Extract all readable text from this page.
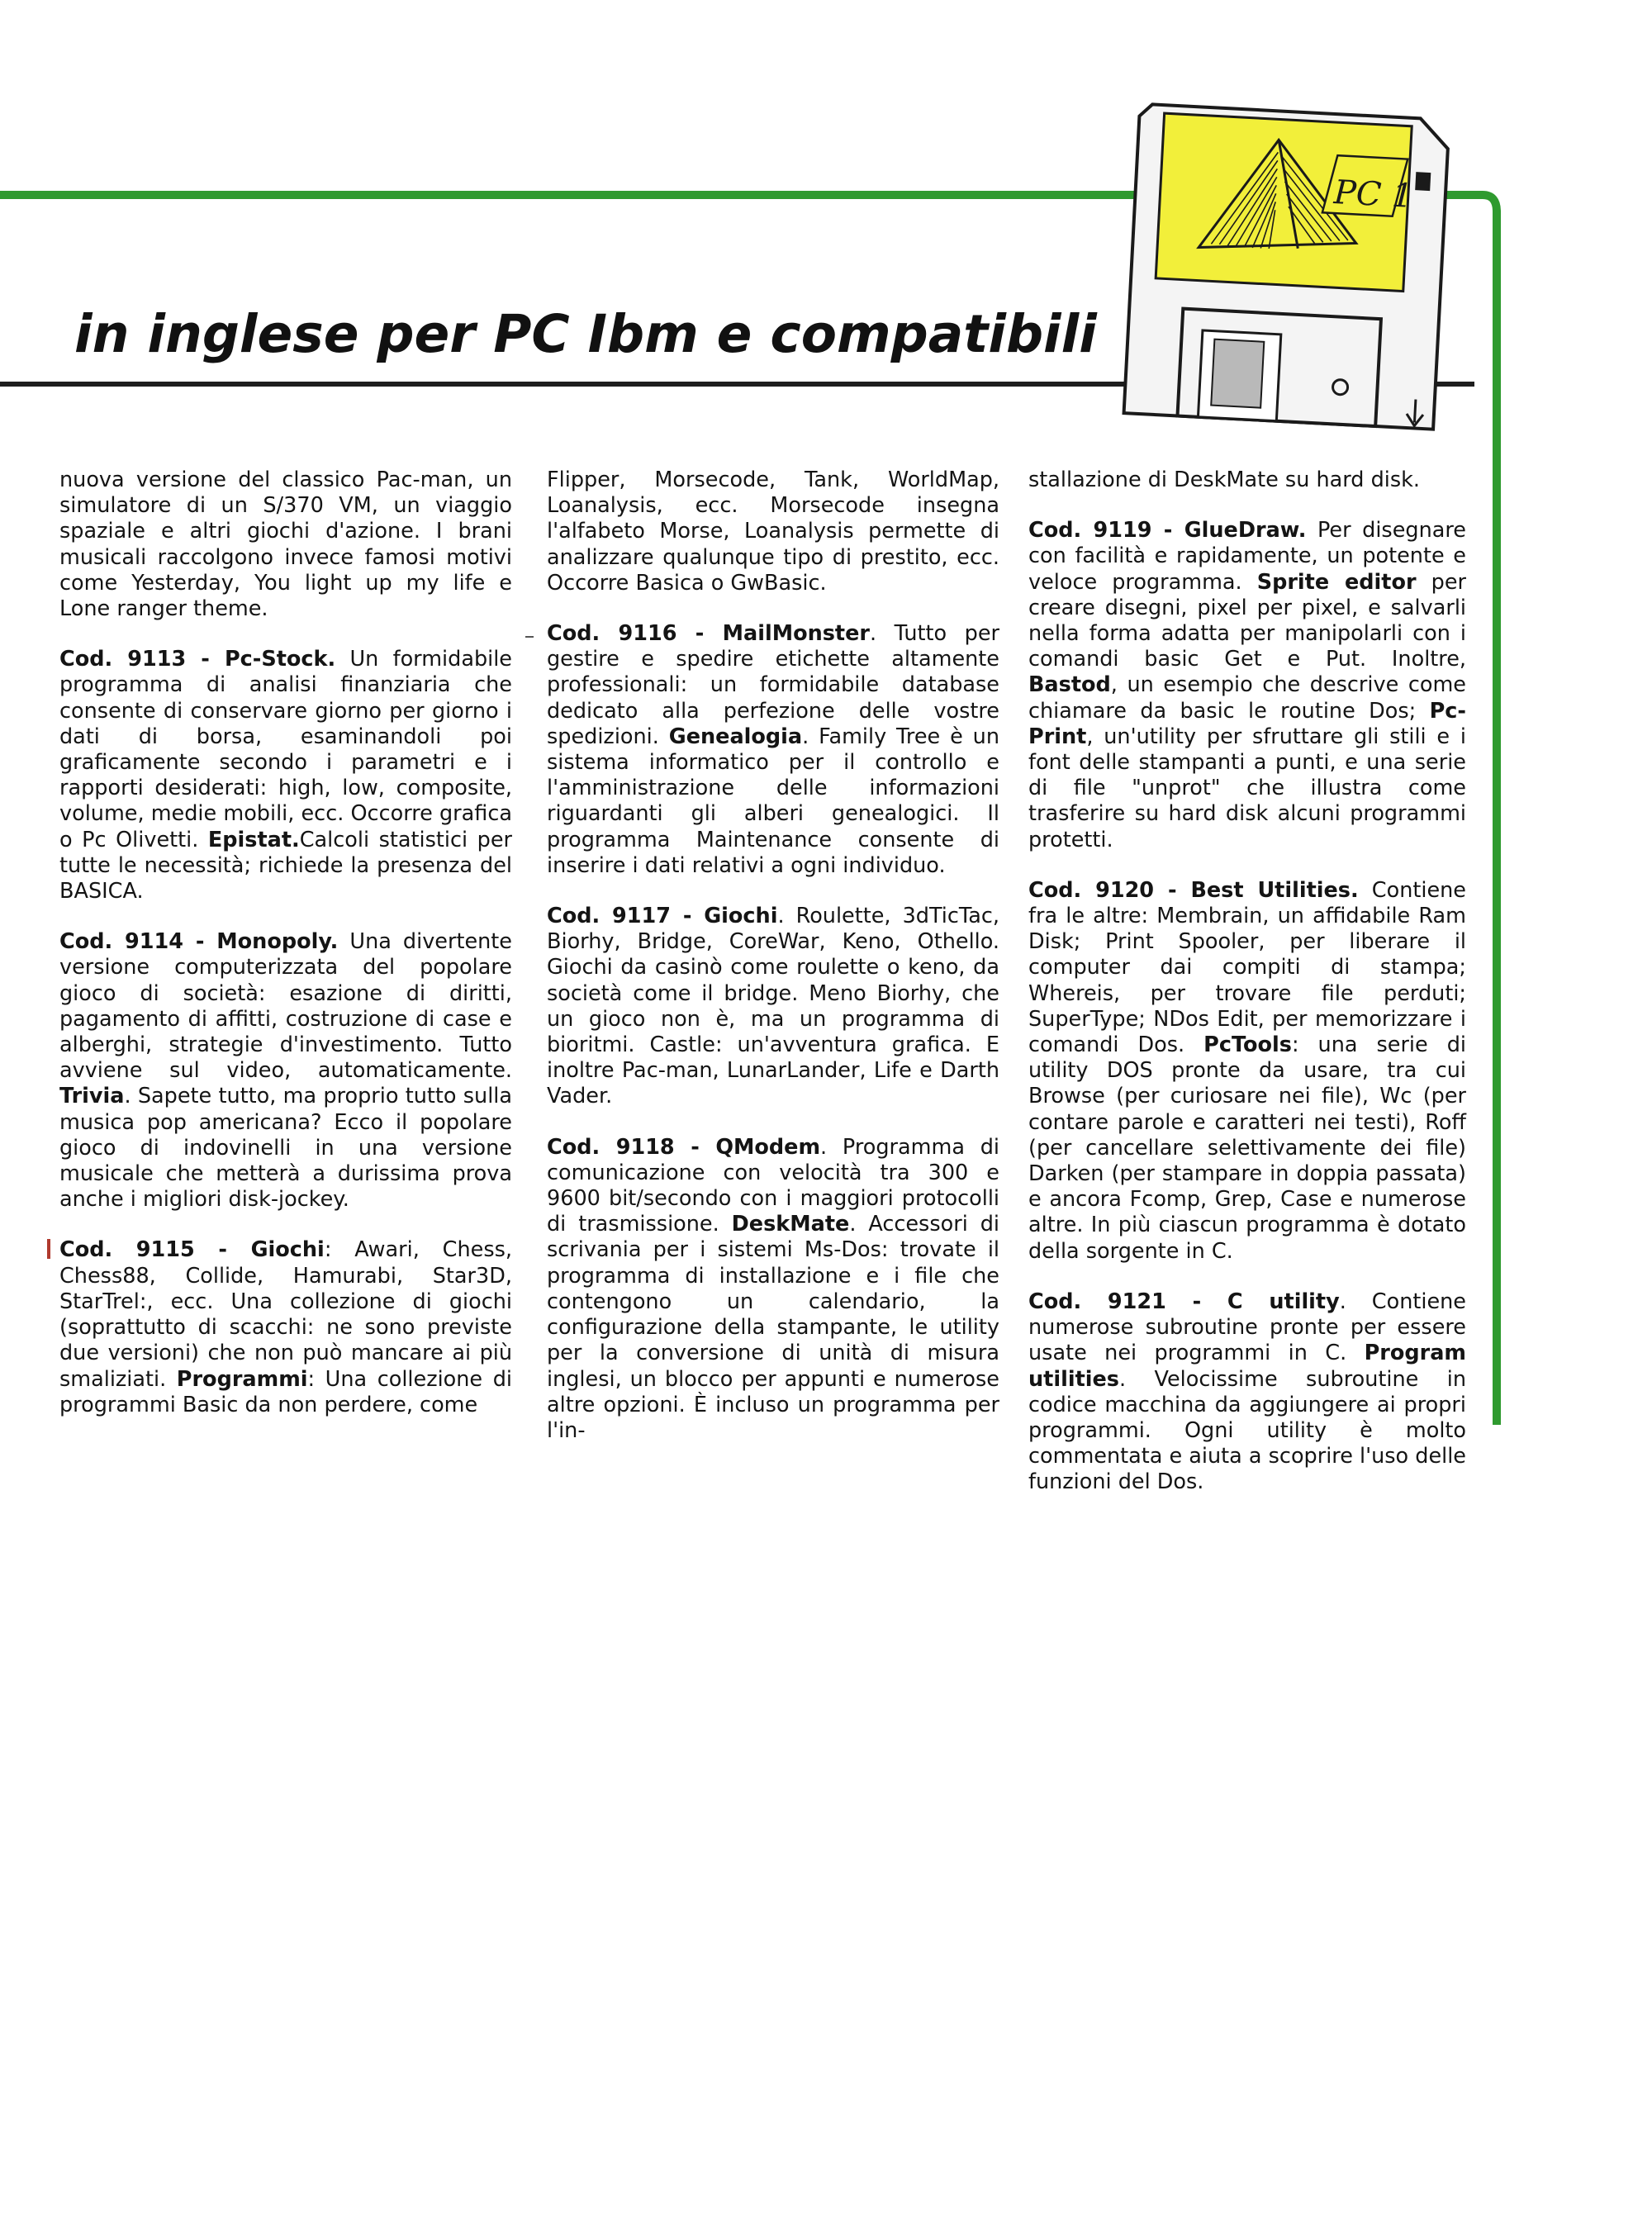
in inglese per PC Ibm e compatibili
PC 1

nuova versione del classico Pac-man, un simulatore di un S/370 VM, un viaggio spaziale e altri giochi d'azione. I brani musicali raccolgono invece famosi motivi come Yesterday, You light up my life e Lone ranger theme.

Cod. 9113 - Pc-Stock. Un formidabile programma di analisi finanziaria che consente di conservare giorno per giorno i dati di borsa, esaminandoli poi graficamente secondo i parametri e i rapporti desiderati: high, low, composite, volume, medie mobili, ecc. Occorre grafica o Pc Olivetti. Epistat.Calcoli statistici per tutte le necessità; richiede la presenza del BASICA.

Cod. 9114 - Monopoly. Una divertente versione computerizzata del popolare gioco di società: esazione di diritti, pagamento di affitti, costruzione di case e alberghi, strategie d'investimento. Tutto avviene sul video, automaticamente. Trivia. Sapete tutto, ma proprio tutto sulla musica pop americana? Ecco il popolare gioco di indovinelli in una versione musicale che metterà a durissima prova anche i migliori disk-jockey.

Cod. 9115 - Giochi: Awari, Chess, Chess88, Collide, Hamurabi, Star3D, StarTrel:, ecc. Una collezione di giochi (soprattutto di scacchi: ne sono previste due versioni) che non può mancare ai più smaliziati. Programmi: Una collezione di programmi Basic da non perdere, come

Flipper, Morsecode, Tank, WorldMap, Loanalysis, ecc. Morsecode insegna l'alfabeto Morse, Loanalysis permette di analizzare qualunque tipo di prestito, ecc. Occorre Basica o GwBasic.

Cod. 9116 - MailMonster. Tutto per gestire e spedire etichette altamente professionali: un formidabile database dedicato alla perfezione delle vostre spedizioni. Genealogia. Family Tree è un sistema informatico per il controllo e l'amministrazione delle informazioni riguardanti gli alberi genealogici. Il programma Maintenance consente di inserire i dati relativi a ogni individuo.

Cod. 9117 - Giochi. Roulette, 3dTicTac, Biorhy, Bridge, CoreWar, Keno, Othello. Giochi da casinò come roulette o keno, da società come il bridge. Meno Biorhy, che un gioco non è, ma un programma di bioritmi. Castle: un'avventura grafica. E inoltre Pac-man, LunarLander, Life e Darth Vader.

Cod. 9118 - QModem. Programma di comunicazione con velocità tra 300 e 9600 bit/secondo con i maggiori protocolli di trasmissione. DeskMate. Accessori di scrivania per i sistemi Ms-Dos: trovate il programma di installazione e i file che contengono un calendario, la configurazione della stampante, le utility per la conversione di unità di misura inglesi, un blocco per appunti e numerose altre opzioni. È incluso un programma per l'in-

stallazione di DeskMate su hard disk.

Cod. 9119 - GlueDraw. Per disegnare con facilità e rapidamente, un potente e veloce programma. Sprite editor per creare disegni, pixel per pixel, e salvarli nella forma adatta per manipolarli con i comandi basic Get e Put. Inoltre, Bastod, un esempio che descrive come chiamare da basic le routine Dos; Pc-Print, un'utility per sfruttare gli stili e i font delle stampanti a punti, e una serie di file "unprot" che illustra come trasferire su hard disk alcuni programmi protetti.

Cod. 9120 - Best Utilities. Contiene fra le altre: Membrain, un affidabile Ram Disk; Print Spooler, per liberare il computer dai compiti di stampa; Whereis, per trovare file perduti; SuperType; NDos Edit, per memorizzare i comandi Dos. PcTools: una serie di utility DOS pronte da usare, tra cui Browse (per curiosare nei file), Wc (per contare parole e caratteri nei testi), Roff (per cancellare selettivamente dei file) Darken (per stampare in doppia passata) e ancora Fcomp, Grep, Case e numerose altre. In più ciascun programma è dotato della sorgente in C.

Cod. 9121 - C utility. Contiene numerose subroutine pronte per essere usate nei programmi in C. Program utilities. Velocissime subroutine in codice macchina da aggiungere ai propri programmi. Ogni utility è molto commentata e aiuta a scoprire l'uso delle funzioni del Dos.
